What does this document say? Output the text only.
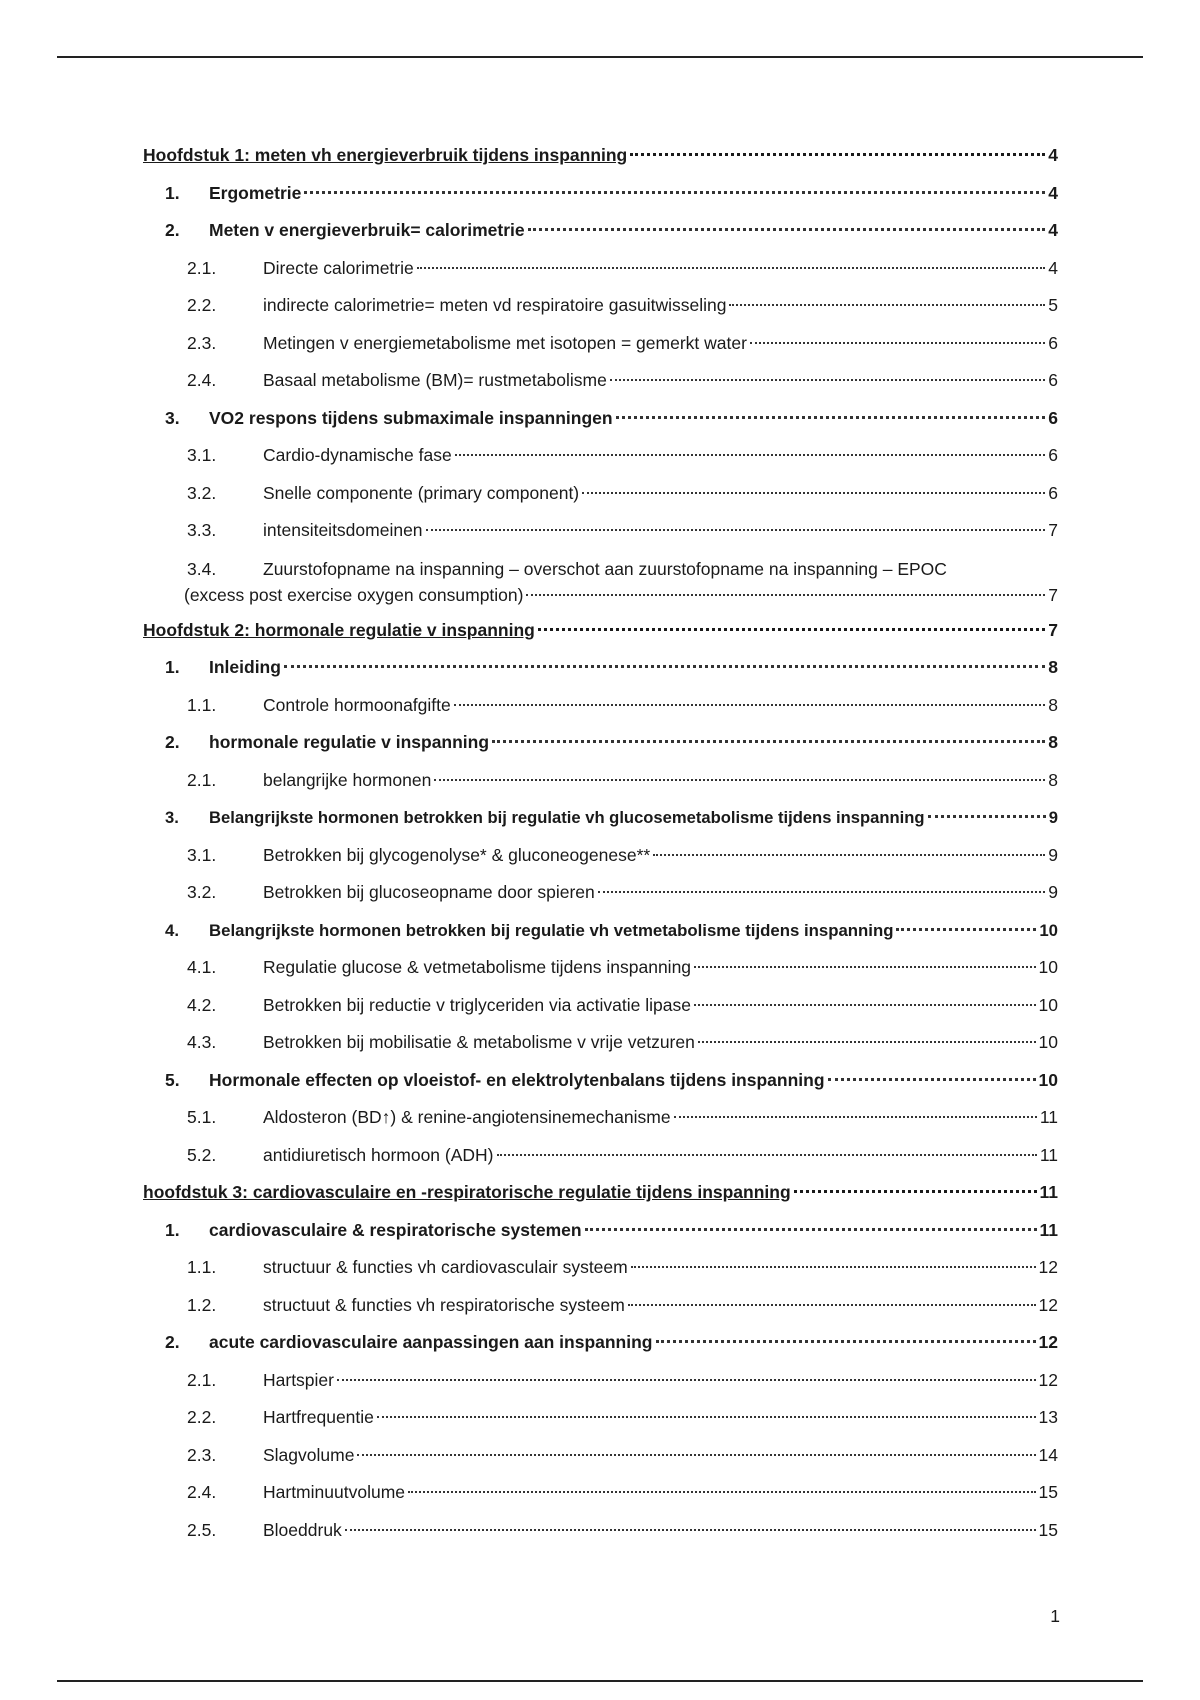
Hoofdstuk 1: meten vh energieverbruik tijdens inspanning	4
1.	Ergometrie	4
2.	Meten v energieverbruik= calorimetrie	4
2.1.	Directe calorimetrie	4
2.2.	indirecte calorimetrie= meten vd respiratoire gasuitwisseling	5
2.3.	Metingen v energiemetabolisme met isotopen = gemerkt water	6
2.4.	Basaal metabolisme (BM)= rustmetabolisme	6
3.	VO2 respons tijdens submaximale inspanningen	6
3.1.	Cardio-dynamische fase	6
3.2.	Snelle componente (primary component)	6
3.3.	intensiteitsdomeinen	7
3.4.	Zuurstofopname na inspanning – overschot aan zuurstofopname na inspanning – EPOC
(excess post exercise oxygen consumption)	7
Hoofdstuk 2: hormonale regulatie v inspanning	7
1.	Inleiding	8
1.1.	Controle hormoonafgifte	8
2.	hormonale regulatie v inspanning	8
2.1.	belangrijke hormonen	8
3.	Belangrijkste hormonen betrokken bij regulatie vh glucosemetabolisme tijdens inspanning	9
3.1.	Betrokken bij glycogenolyse* & gluconeogenese**	9
3.2.	Betrokken bij glucoseopname door spieren	9
4.	Belangrijkste hormonen betrokken bij regulatie vh vetmetabolisme tijdens inspanning	10
4.1.	Regulatie glucose & vetmetabolisme tijdens inspanning	10
4.2.	Betrokken bij reductie v triglyceriden via activatie lipase	10
4.3.	Betrokken bij mobilisatie & metabolisme v vrije vetzuren	10
5.	Hormonale effecten op vloeistof- en elektrolytenbalans tijdens inspanning	10
5.1.	Aldosteron (BD↑) & renine-angiotensinemechanisme	11
5.2.	antidiuretisch hormoon (ADH)	11
hoofdstuk 3: cardiovasculaire en -respiratorische regulatie tijdens inspanning	11
1.	cardiovasculaire & respiratorische systemen	11
1.1.	structuur & functies vh cardiovasculair systeem	12
1.2.	structuut & functies vh respiratorische systeem	12
2.	acute cardiovasculaire aanpassingen aan inspanning	12
2.1.	Hartspier	12
2.2.	Hartfrequentie	13
2.3.	Slagvolume	14
2.4.	Hartminuutvolume	15
2.5.	Bloeddruk	15
1
